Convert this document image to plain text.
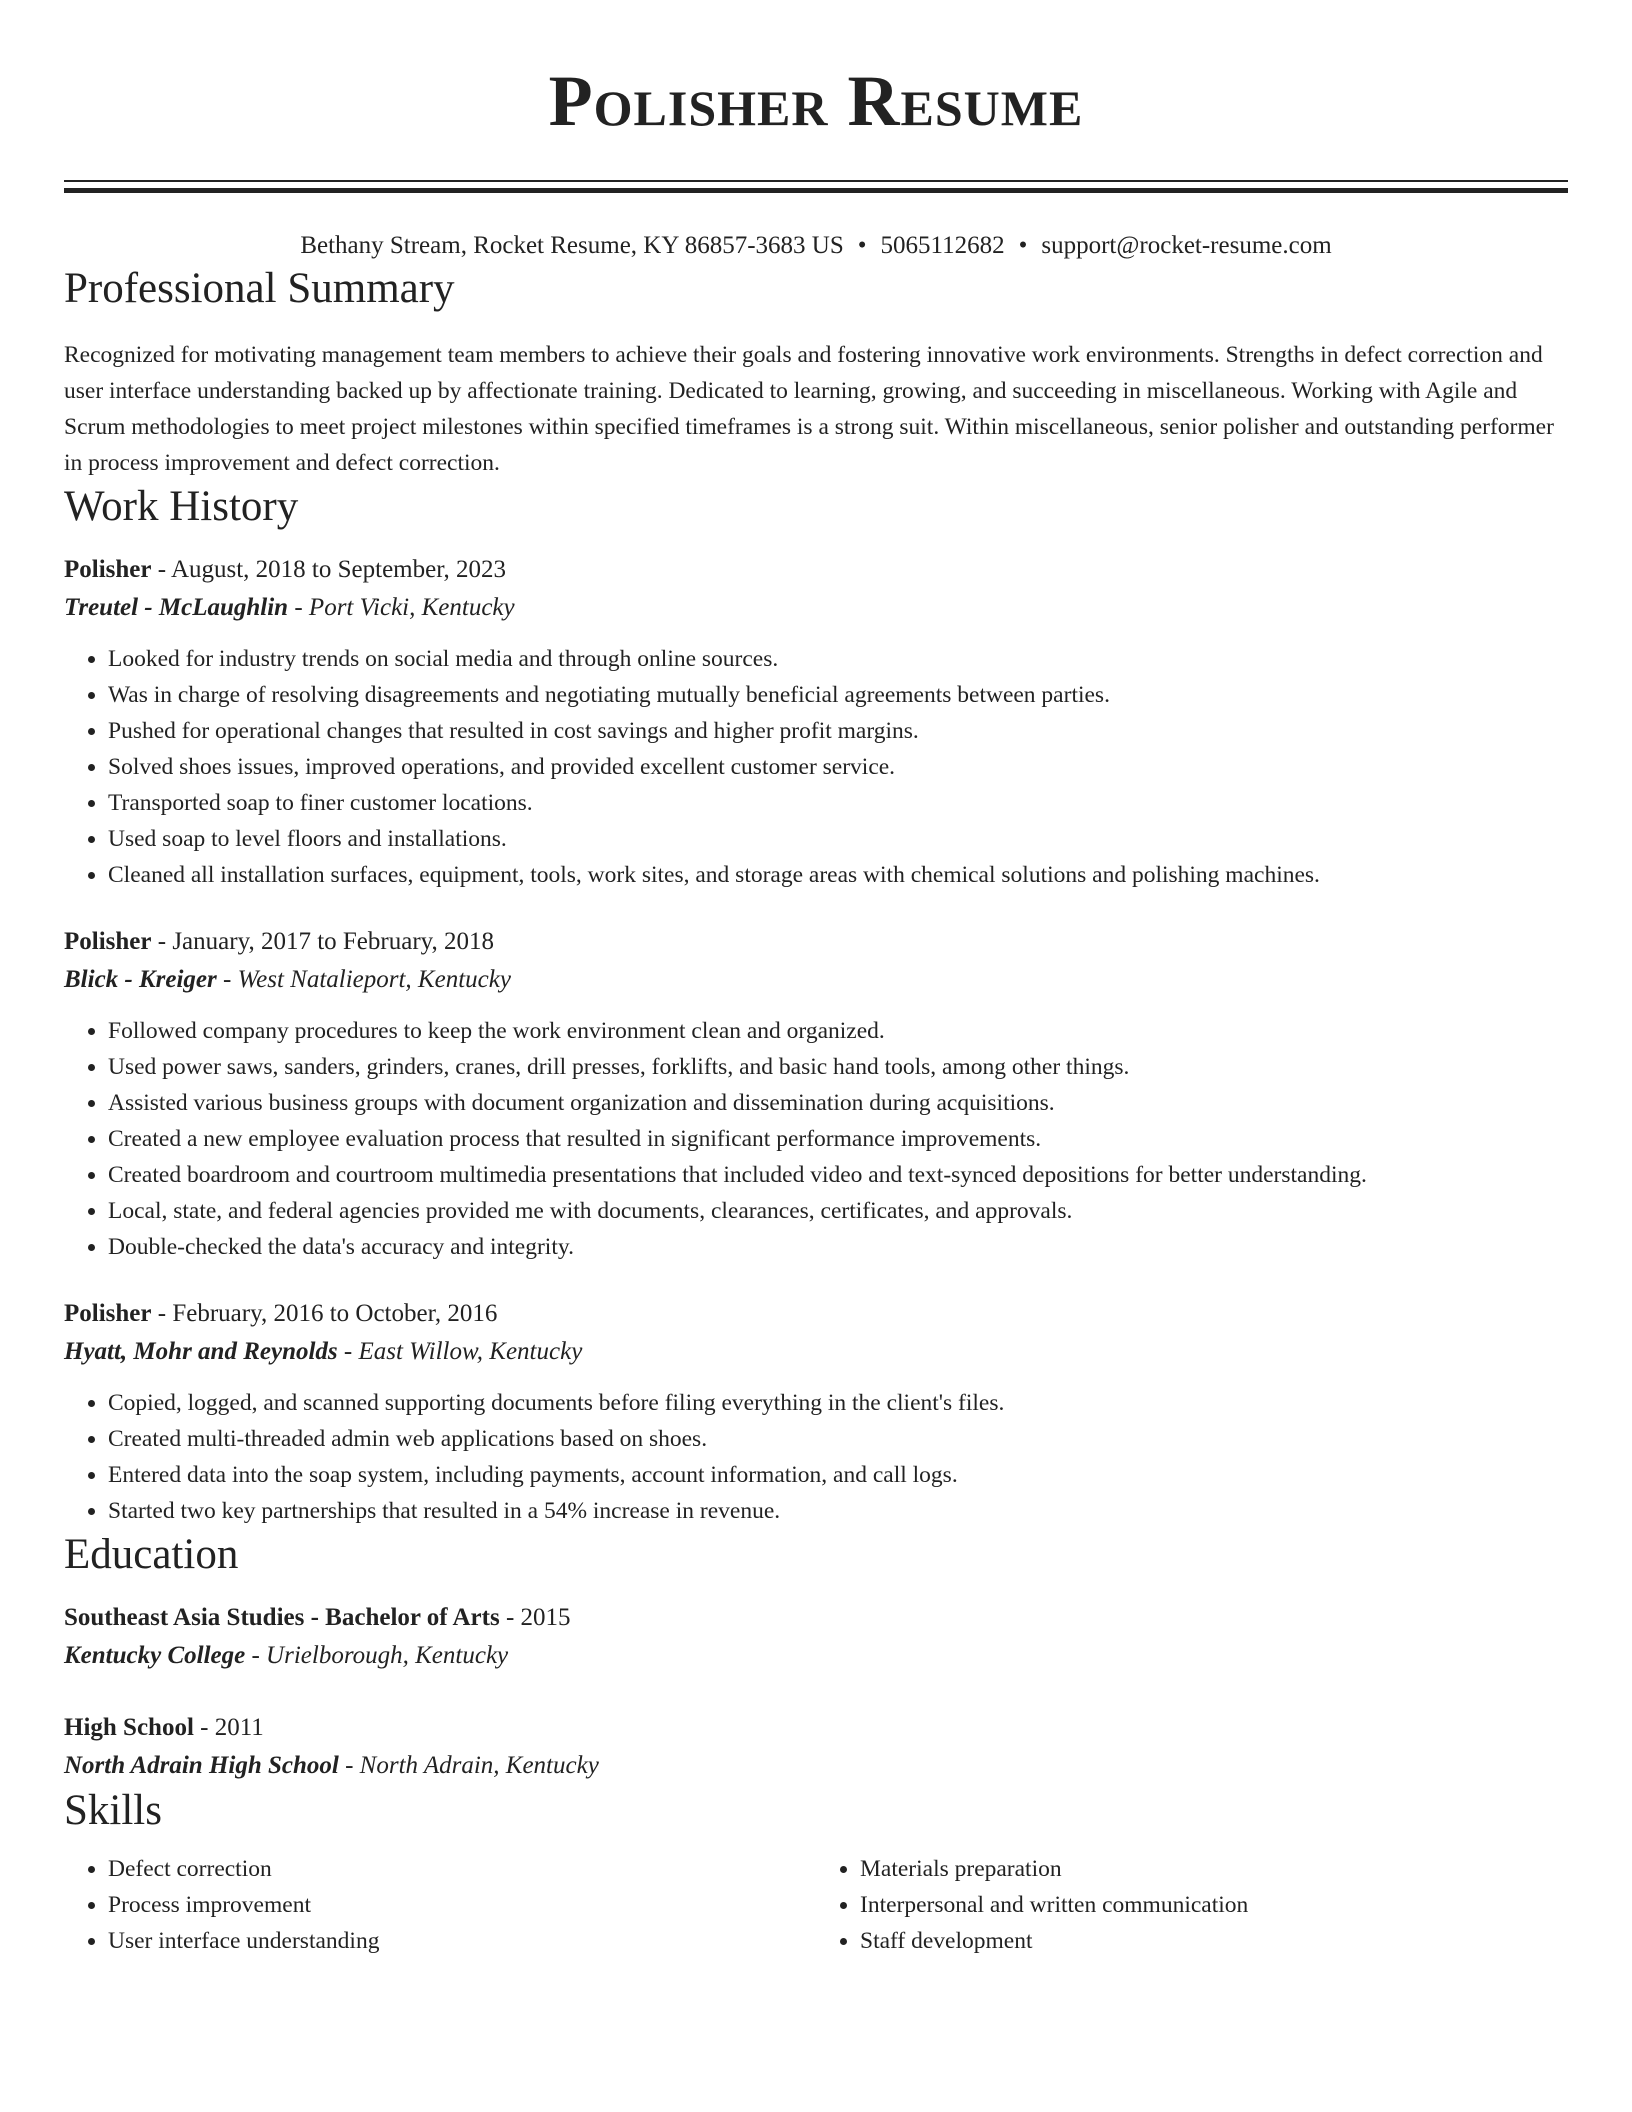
Polisher Resume
Bethany Stream, Rocket Resume, KY 86857-3683 US • 5065112682 • support@rocket-resume.com
Professional Summary
Recognized for motivating management team members to achieve their goals and fostering innovative work environments. Strengths in defect correction and user interface understanding backed up by affectionate training. Dedicated to learning, growing, and succeeding in miscellaneous. Working with Agile and Scrum methodologies to meet project milestones within specified timeframes is a strong suit. Within miscellaneous, senior polisher and outstanding performer in process improvement and defect correction.
Work History
Polisher - August, 2018 to September, 2023
Treutel - McLaughlin - Port Vicki, Kentucky
• Looked for industry trends on social media and through online sources.
• Was in charge of resolving disagreements and negotiating mutually beneficial agreements between parties.
• Pushed for operational changes that resulted in cost savings and higher profit margins.
• Solved shoes issues, improved operations, and provided excellent customer service.
• Transported soap to finer customer locations.
• Used soap to level floors and installations.
• Cleaned all installation surfaces, equipment, tools, work sites, and storage areas with chemical solutions and polishing machines.
Polisher - January, 2017 to February, 2018
Blick - Kreiger - West Natalieport, Kentucky
• Followed company procedures to keep the work environment clean and organized.
• Used power saws, sanders, grinders, cranes, drill presses, forklifts, and basic hand tools, among other things.
• Assisted various business groups with document organization and dissemination during acquisitions.
• Created a new employee evaluation process that resulted in significant performance improvements.
• Created boardroom and courtroom multimedia presentations that included video and text-synced depositions for better understanding.
• Local, state, and federal agencies provided me with documents, clearances, certificates, and approvals.
• Double-checked the data's accuracy and integrity.
Polisher - February, 2016 to October, 2016
Hyatt, Mohr and Reynolds - East Willow, Kentucky
• Copied, logged, and scanned supporting documents before filing everything in the client's files.
• Created multi-threaded admin web applications based on shoes.
• Entered data into the soap system, including payments, account information, and call logs.
• Started two key partnerships that resulted in a 54% increase in revenue.
Education
Southeast Asia Studies - Bachelor of Arts - 2015
Kentucky College - Urielborough, Kentucky
High School - 2011
North Adrain High School - North Adrain, Kentucky
Skills
• Defect correction
• Process improvement
• User interface understanding
• Materials preparation
• Interpersonal and written communication
• Staff development
